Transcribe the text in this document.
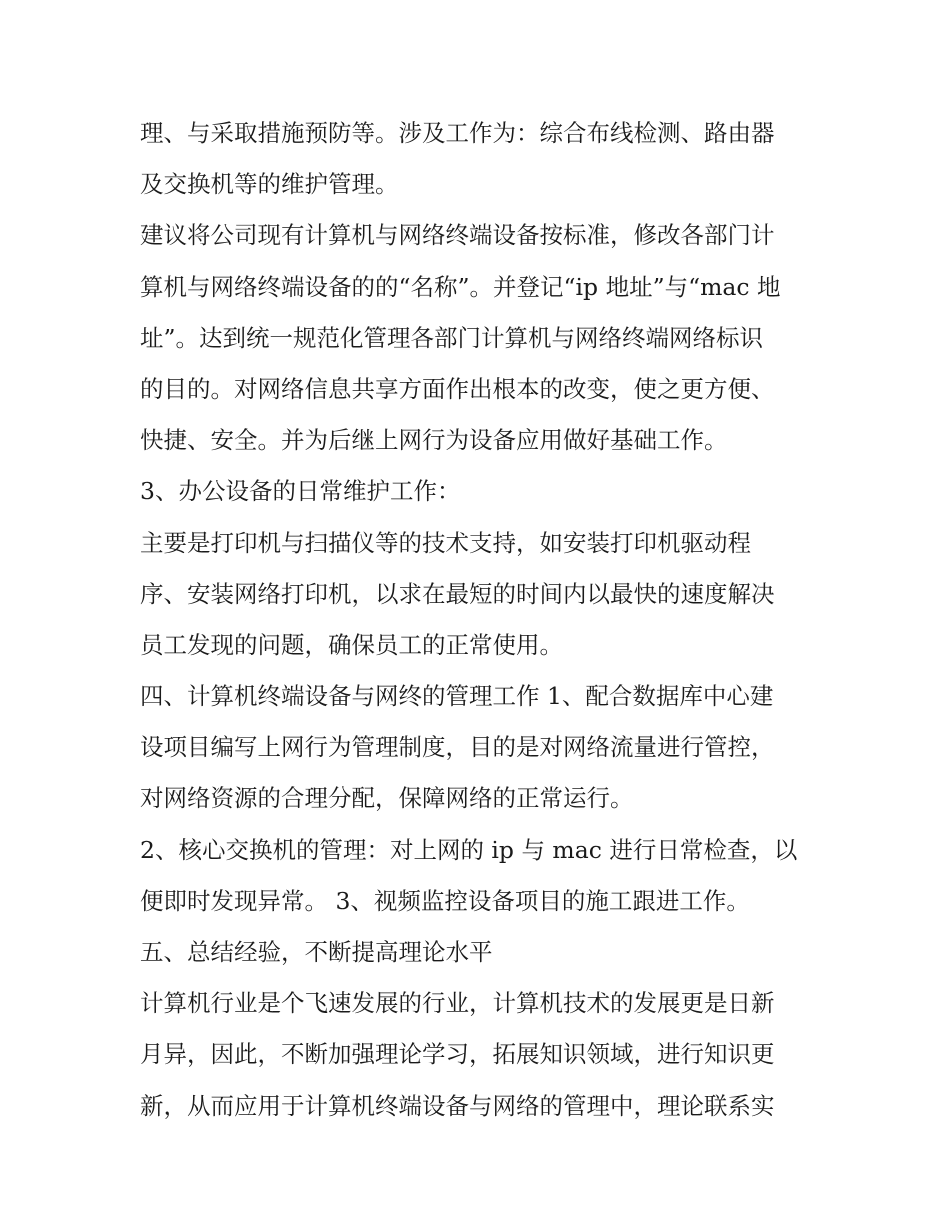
理、与采取措施预防等。涉及工作为：综合布线检测、路由器
及交换机等的维护管理。
建议将公司现有计算机与网络终端设备按标准，修改各部门计
算机与网络终端设备的的“名称”。并登记“ip 地址”与“mac 地
址”。达到统一规范化管理各部门计算机与网络终端网络标识
的目的。对网络信息共享方面作出根本的改变，使之更方便、
快捷、安全。并为后继上网行为设备应用做好基础工作。
3、办公设备的日常维护工作：
主要是打印机与扫描仪等的技术支持，如安装打印机驱动程
序、安装网络打印机，以求在最短的时间内以最快的速度解决
员工发现的问题，确保员工的正常使用。
四、计算机终端设备与网终的管理工作 1、配合数据库中心建
设项目编写上网行为管理制度，目的是对网络流量进行管控，
对网络资源的合理分配，保障网络的正常运行。
2、核心交换机的管理：对上网的 ip 与 mac 进行日常检查，以
便即时发现异常。 3、视频监控设备项目的施工跟进工作。
五、总结经验，不断提高理论水平
计算机行业是个飞速发展的行业，计算机技术的发展更是日新
月异，因此，不断加强理论学习，拓展知识领域，进行知识更
新，从而应用于计算机终端设备与网络的管理中，理论联系实
